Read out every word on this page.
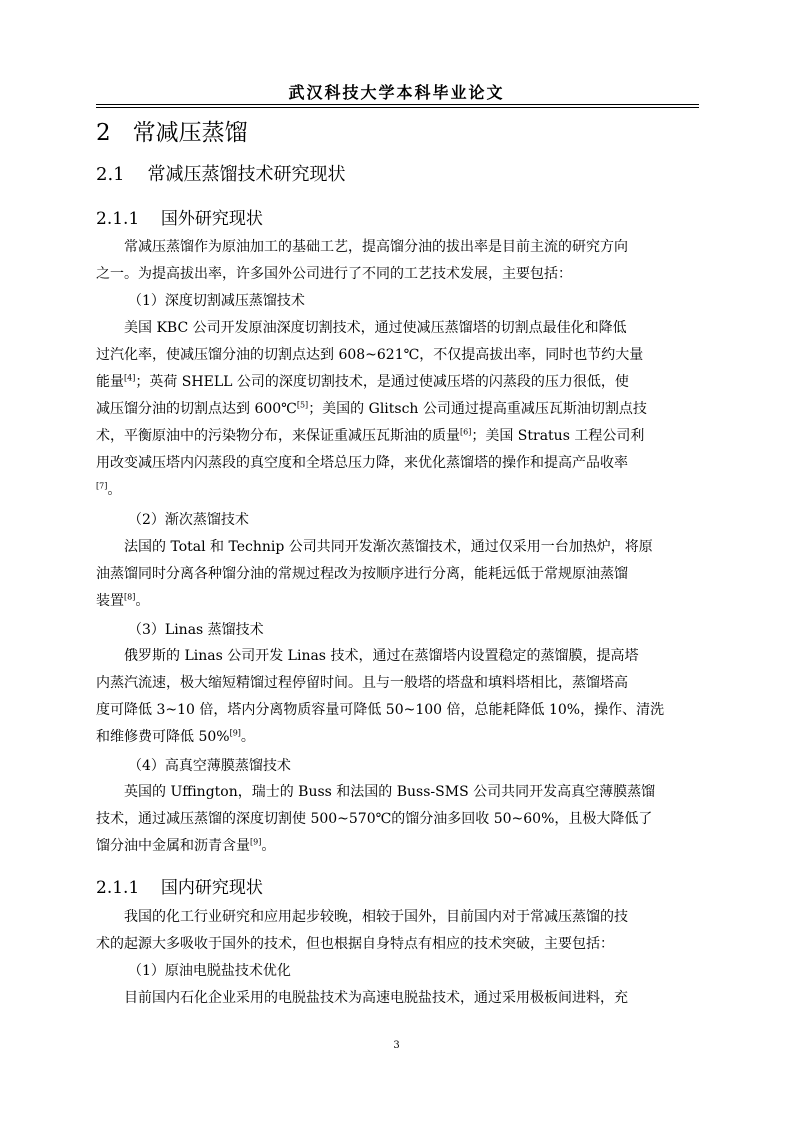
武汉科技大学本科毕业论文
2 常减压蒸馏
2.1 常减压蒸馏技术研究现状
2.1.1 国外研究现状
　　常减压蒸馏作为原油加工的基础工艺，提高馏分油的拔出率是目前主流的研究方向
之一。为提高拔出率，许多国外公司进行了不同的工艺技术发展，主要包括：
（1）深度切割减压蒸馏技术
　　美国 KBC 公司开发原油深度切割技术，通过使减压蒸馏塔的切割点最佳化和降低
过汽化率，使减压馏分油的切割点达到 608~621℃，不仅提高拔出率，同时也节约大量
能量[4]；英荷 SHELL 公司的深度切割技术，是通过使减压塔的闪蒸段的压力很低，使
减压馏分油的切割点达到 600℃[5]；美国的 Glitsch 公司通过提高重减压瓦斯油切割点技
术，平衡原油中的污染物分布，来保证重减压瓦斯油的质量[6]；美国 Stratus 工程公司利
用改变减压塔内闪蒸段的真空度和全塔总压力降，来优化蒸馏塔的操作和提高产品收率
[7]。
（2）渐次蒸馏技术
　　法国的 Total 和 Technip 公司共同开发渐次蒸馏技术，通过仅采用一台加热炉，将原
油蒸馏同时分离各种馏分油的常规过程改为按顺序进行分离，能耗远低于常规原油蒸馏
装置[8]。
（3）Linas 蒸馏技术
　　俄罗斯的 Linas 公司开发 Linas 技术，通过在蒸馏塔内设置稳定的蒸馏膜，提高塔
内蒸汽流速，极大缩短精馏过程停留时间。且与一般塔的塔盘和填料塔相比，蒸馏塔高
度可降低 3~10 倍，塔内分离物质容量可降低 50~100 倍，总能耗降低 10%，操作、清洗
和维修费可降低 50%[9]。
（4）高真空薄膜蒸馏技术
　　英国的 Uffington，瑞士的 Buss 和法国的 Buss-SMS 公司共同开发高真空薄膜蒸馏
技术，通过减压蒸馏的深度切割使 500~570℃的馏分油多回收 50~60%，且极大降低了
馏分油中金属和沥青含量[9]。
2.1.1 国内研究现状
　　我国的化工行业研究和应用起步较晚，相较于国外，目前国内对于常减压蒸馏的技
术的起源大多吸收于国外的技术，但也根据自身特点有相应的技术突破，主要包括：
（1）原油电脱盐技术优化
　　目前国内石化企业采用的电脱盐技术为高速电脱盐技术，通过采用极板间进料，充
3
